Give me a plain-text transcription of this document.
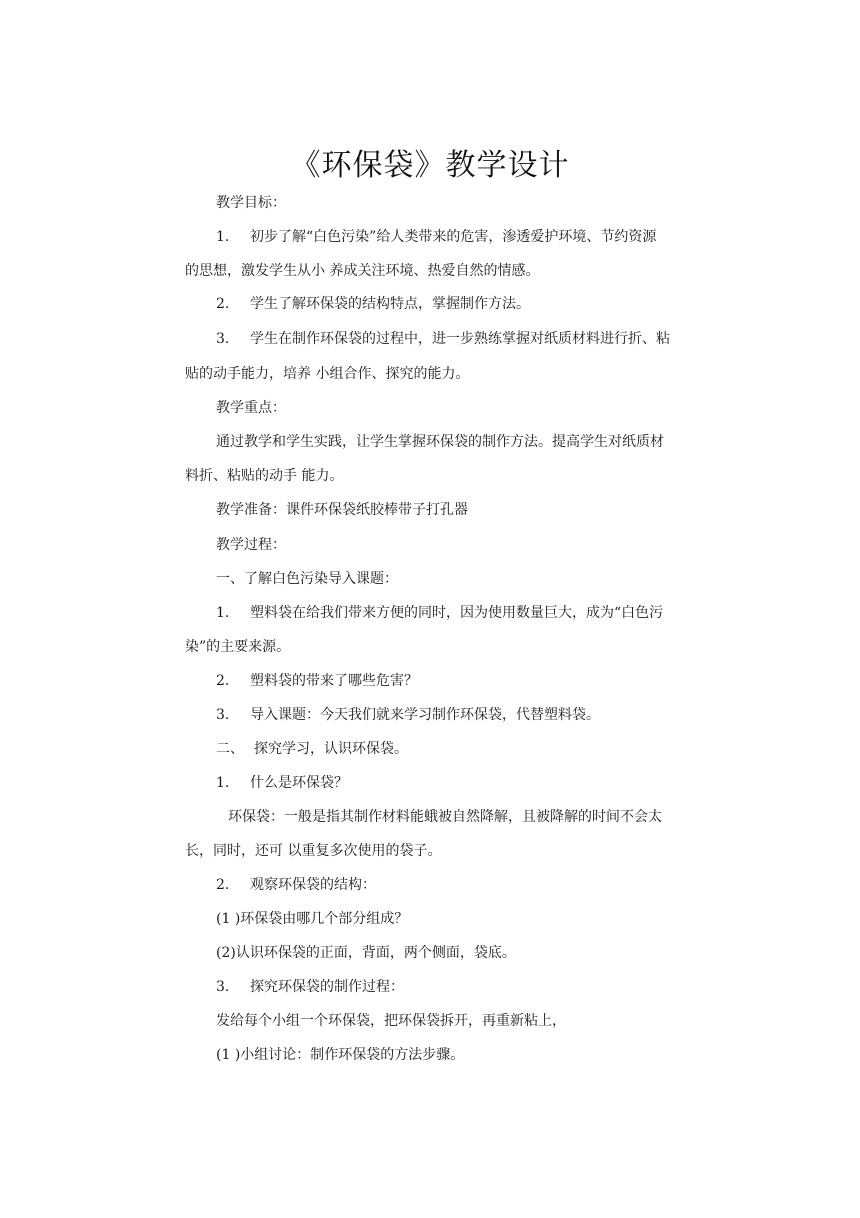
《环保袋》教学设计
教学目标：
1. 初步了解“白色污染”给人类带来的危害，渗透爱护环境、节约资源
的思想，激发学生从小 养成关注环境、热爱自然的情感。
2. 学生了解环保袋的结构特点，掌握制作方法。
3. 学生在制作环保袋的过程中，进一步熟练掌握对纸质材料进行折、粘
贴的动手能力，培养 小组合作、探究的能力。
教学重点：
通过教学和学生实践，让学生掌握环保袋的制作方法。提高学生对纸质材
料折、粘贴的动手 能力。
教学准备：课件环保袋纸胶棒带子打孔器
教学过程：
一、了解白色污染导入课题：
1. 塑料袋在给我们带来方便的同时，因为使用数量巨大，成为“白色污
染”的主要来源。
2. 塑料袋的带来了哪些危害？
3. 导入课题：今天我们就来学习制作环保袋，代替塑料袋。
二、 探究学习，认识环保袋。
1. 什么是环保袋？
环保袋：一般是指其制作材料能蛾被自然降解，且被降解的时间不会太
长，同时，还可 以重复多次使用的袋子。
2. 观察环保袋的结构：
(1 )环保袋由哪几个部分组成？
(2)认识环保袋的正面，背面，两个侧面，袋底。
3. 探究环保袋的制作过程：
发给每个小组一个环保袋，把环保袋拆开，再重新粘上，
(1 )小组讨论：制作环保袋的方法步骤。
